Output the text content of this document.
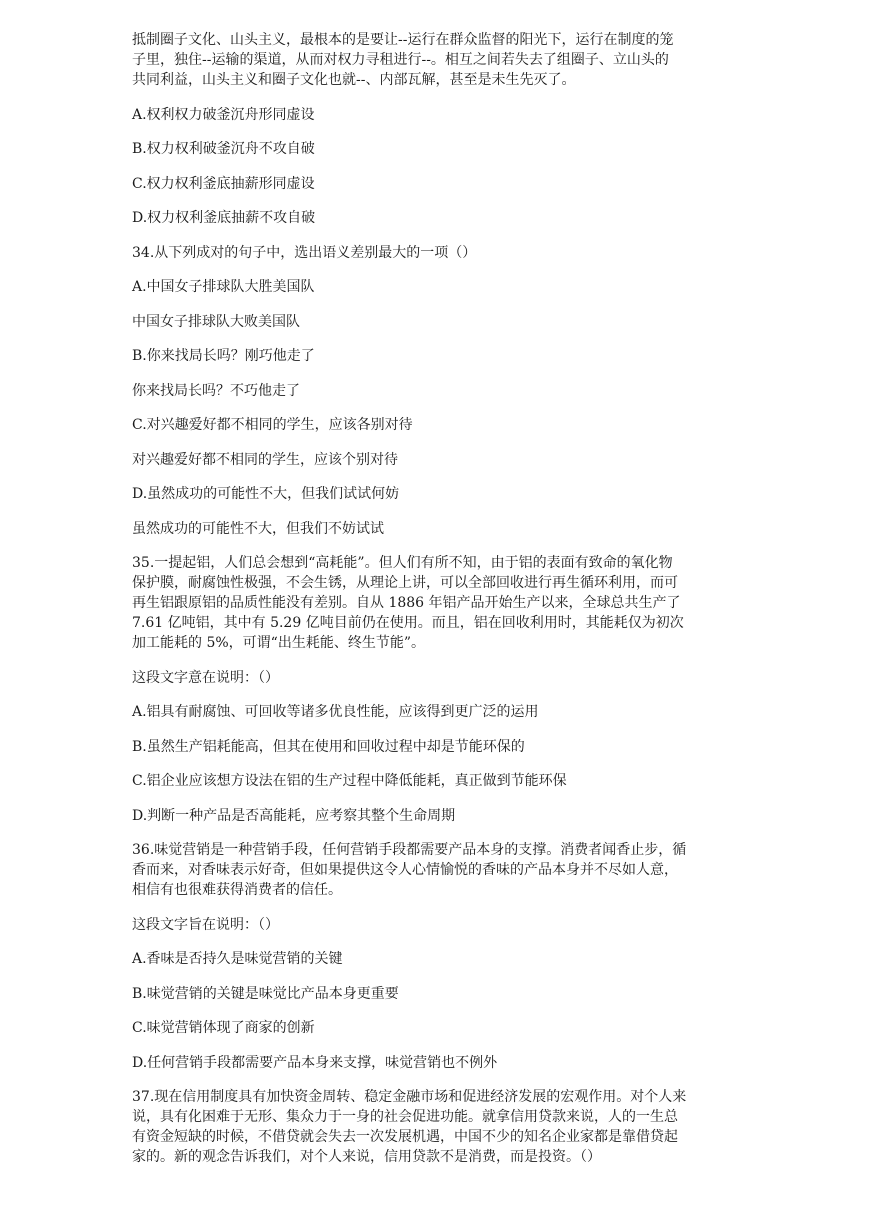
抵制圈子文化、山头主义，最根本的是要让--运行在群众监督的阳光下，运行在制度的笼
子里，独住--运输的渠道，从而对权力寻租进行--。相互之间若失去了组圈子、立山头的
共同利益，山头主义和圈子文化也就--、内部瓦解，甚至是未生先灭了。
A.权利权力破釜沉舟形同虚设
B.权力权利破釜沉舟不攻自破
C.权力权利釜底抽薪形同虚设
D.权力权利釜底抽薪不攻自破
34.从下列成对的句子中，选出语义差别最大的一项（）
A.中国女子排球队大胜美国队
中国女子排球队大败美国队
B.你来找局长吗？刚巧他走了
你来找局长吗？不巧他走了
C.对兴趣爱好都不相同的学生，应该各别对待
对兴趣爱好都不相同的学生，应该个别对待
D.虽然成功的可能性不大，但我们试试何妨
虽然成功的可能性不大，但我们不妨试试
35.一提起铝，人们总会想到“高耗能”。但人们有所不知，由于铝的表面有致命的氧化物
保护膜，耐腐蚀性极强，不会生锈，从理论上讲，可以全部回收进行再生循环利用，而可
再生铝跟原铝的品质性能没有差别。自从 1886 年铝产品开始生产以来，全球总共生产了
7.61 亿吨铝，其中有 5.29 亿吨目前仍在使用。而且，铝在回收利用时，其能耗仅为初次
加工能耗的 5%，可谓“出生耗能、终生节能”。
这段文字意在说明：（）
A.铝具有耐腐蚀、可回收等诸多优良性能，应该得到更广泛的运用
B.虽然生产铝耗能高，但其在使用和回收过程中却是节能环保的
C.铝企业应该想方设法在铝的生产过程中降低能耗，真正做到节能环保
D.判断一种产品是否高能耗，应考察其整个生命周期
36.味觉营销是一种营销手段，任何营销手段都需要产品本身的支撑。消费者闻香止步，循
香而来，对香味表示好奇，但如果提供这令人心情愉悦的香味的产品本身并不尽如人意，
相信有也很难获得消费者的信任。
这段文字旨在说明：（）
A.香味是否持久是味觉营销的关键
B.味觉营销的关键是味觉比产品本身更重要
C.味觉营销体现了商家的创新
D.任何营销手段都需要产品本身来支撑，味觉营销也不例外
37.现在信用制度具有加快资金周转、稳定金融市场和促进经济发展的宏观作用。对个人来
说，具有化困难于无形、集众力于一身的社会促进功能。就拿信用贷款来说，人的一生总
有资金短缺的时候，不借贷就会失去一次发展机遇，中国不少的知名企业家都是靠借贷起
家的。新的观念告诉我们，对个人来说，信用贷款不是消费，而是投资。（）
